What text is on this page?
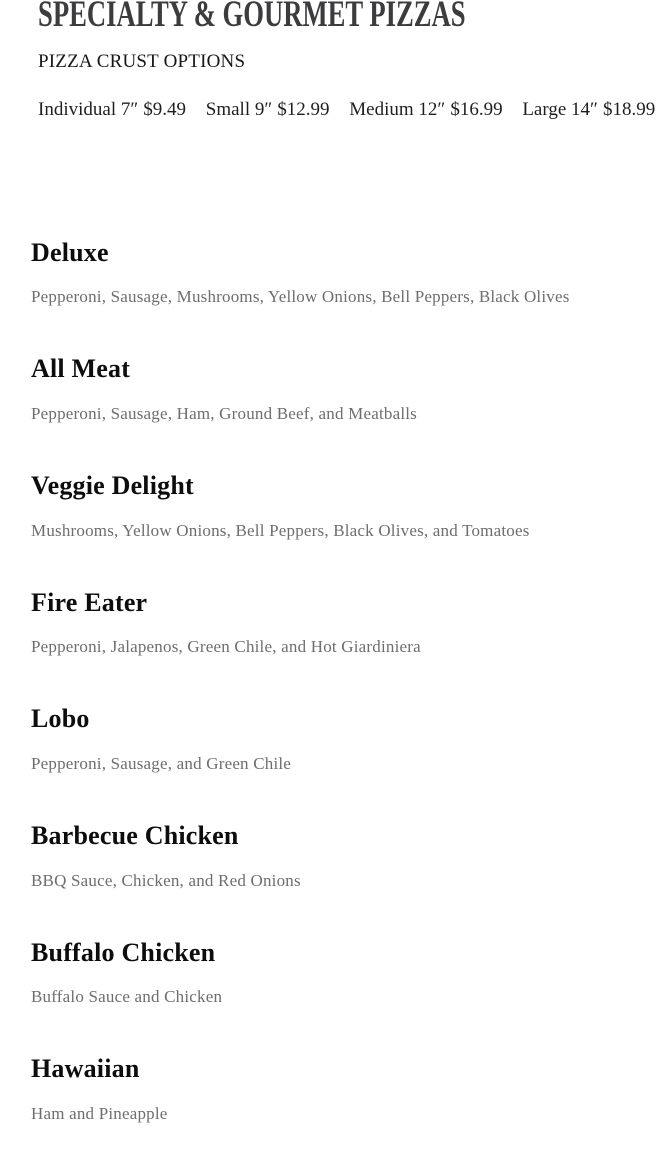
SPECIALTY & GOURMET PIZZAS
PIZZA CRUST OPTIONS
Individual 7″ $9.49 Small 9″ $12.99 Medium 12″ $16.99 Large 14″ $18.99
Deluxe

Pepperoni, Sausage, Mushrooms, Yellow Onions, Bell Peppers, Black Olives

All Meat

Pepperoni, Sausage, Ham, Ground Beef, and Meatballs

Veggie Delight

Mushrooms, Yellow Onions, Bell Peppers, Black Olives, and Tomatoes

Fire Eater

Pepperoni, Jalapenos, Green Chile, and Hot Giardiniera

Lobo

Pepperoni, Sausage, and Green Chile

Barbecue Chicken

BBQ Sauce, Chicken, and Red Onions

Buffalo Chicken

Buffalo Sauce and Chicken

Hawaiian

Ham and Pineapple
